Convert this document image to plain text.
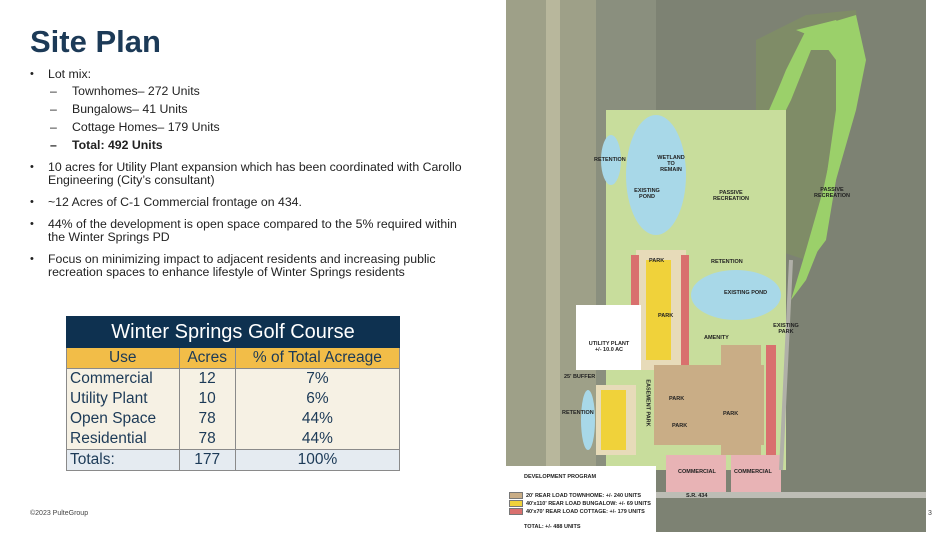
Site Plan
• Lot mix:
– Townhomes– 272 Units
– Bungalows– 41 Units
– Cottage Homes– 179 Units
– Total: 492 Units
• 10 acres for Utility Plant expansion which has been coordinated with Carollo Engineering (City’s consultant)
• ~12 Acres of C-1 Commercial frontage on 434.
• 44% of the development is open space compared to the 5% required within the Winter Springs PD
• Focus on minimizing impact to adjacent residents and increasing public recreation spaces to enhance lifestyle of Winter Springs residents
Winter Springs Golf Course		
Use	Acres	% of Total Acreage
Commercial	12	7%
Utility Plant	10	6%
Open Space	78	44%
Residential	78	44%
Totals:	177	100%
RETENTION	WETLAND TO REMAIN
EXISTING POND
PASSIVE RECREATION
PASSIVE RECREATION
RETENTION
EXISTING POND
EXISTING PARK
PARK
PARK
AMENITY
UTILITY PLANT
+/- 10.0 AC
25' BUFFER
EASEMENT PARK
RETENTION
PARK
PARK
PARK
COMMERCIAL	COMMERCIAL
S.R. 434
DEVELOPMENT PROGRAM
20' REAR LOAD TOWNHOME: +/- 240 UNITS
40'x110' REAR LOAD BUNGALOW: +/- 69 UNITS
40'x70' REAR LOAD COTTAGE: +/- 179 UNITS
TOTAL: +/- 488 UNITS
©2023 PulteGroup	3
